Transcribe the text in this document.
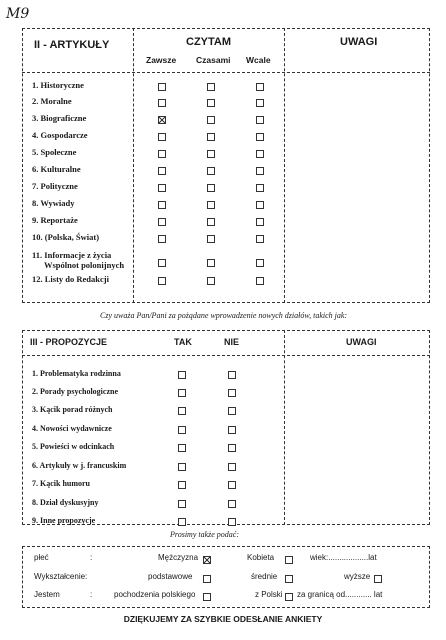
M9
II - ARTYKUŁY	CZYTAM	UWAGI
Zawsze Czasami Wcale
1. Historyczne
2. Moralne
3. Biograficzne
4. Gospodarcze
5. Społeczne
6. Kulturalne
7. Polityczne
8. Wywiady
9. Reportaże
10. (Polska, Świat)
11. Informacje z życia
Wspólnot polonijnych
12. Listy do Redakcji
Czy uważa Pan/Pani za pożądane wprowadzenie nowych działów, takich jak:
III - PROPOZYCJE	TAK	NIE	UWAGI
1. Problematyka rodzinna
2. Porady psychologiczne
3. Kącik porad różnych
4. Nowości wydawnicze
5. Powieści w odcinkach
6. Artykuły w j. francuskim
7. Kącik humoru
8. Dział dyskusyjny
9. Inne propozycje
Prosimy także podać:
płeć	:	Mężczyzna	Kobieta	wiek:..................lat
Wykształcenie:	podstawowe	średnie	wyższe
Jestem	:	pochodzenia polskiego	z Polski za granicą od............ lat
DZIĘKUJEMY ZA SZYBKIE ODESŁANIE ANKIETY
